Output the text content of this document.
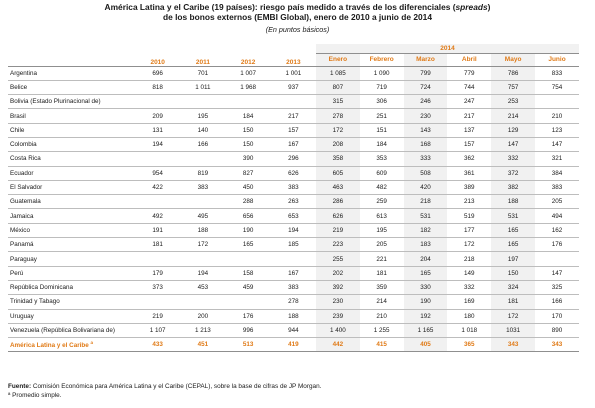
América Latina y el Caribe (19 países): riesgo país medido a través de los diferenciales (spreads)
de los bonos externos (EMBI Global), enero de 2010 a junio de 2014
(En puntos básicos)
	2010	2011	2012	2013	2014					
					Enero	Febrero	Marzo	Abril	Mayo	Junio
Argentina	696	701	1 007	1 001	1 085	1 090	799	779	786	833
Belice	818	1 011	1 968	937	807	719	724	744	757	754
Bolivia (Estado Plurinacional de)					315	306	246	247	253	
Brasil	209	195	184	217	278	251	230	217	214	210
Chile	131	140	150	157	172	151	143	137	129	123
Colombia	194	166	150	167	208	184	168	157	147	147
Costa Rica			390	296	358	353	333	362	332	321
Ecuador	954	819	827	626	605	609	508	361	372	384
El Salvador	422	383	450	383	463	482	420	389	382	383
Guatemala			288	263	286	259	218	213	188	205
Jamaica	492	495	656	653	626	613	531	519	531	494
México	191	188	190	194	219	195	182	177	165	162
Panamá	181	172	165	185	223	205	183	172	165	176
Paraguay					255	221	204	218	197	
Perú	179	194	158	167	202	181	165	149	150	147
República Dominicana	373	453	459	383	392	359	330	332	324	325
Trinidad y Tabago				278	230	214	190	169	181	166
Uruguay	219	200	176	188	239	210	192	180	172	170
Venezuela (República Bolivariana de)	1 107	1 213	996	944	1 400	1 255	1 165	1 018	1031	890
América Latina y el Caribe $^a$	433	451	513	419	442	415	405	365	343	343
Fuente: Comisión Económica para América Latina y el Caribe (CEPAL), sobre la base de cifras de JP Morgan.
ª Promedio simple.
